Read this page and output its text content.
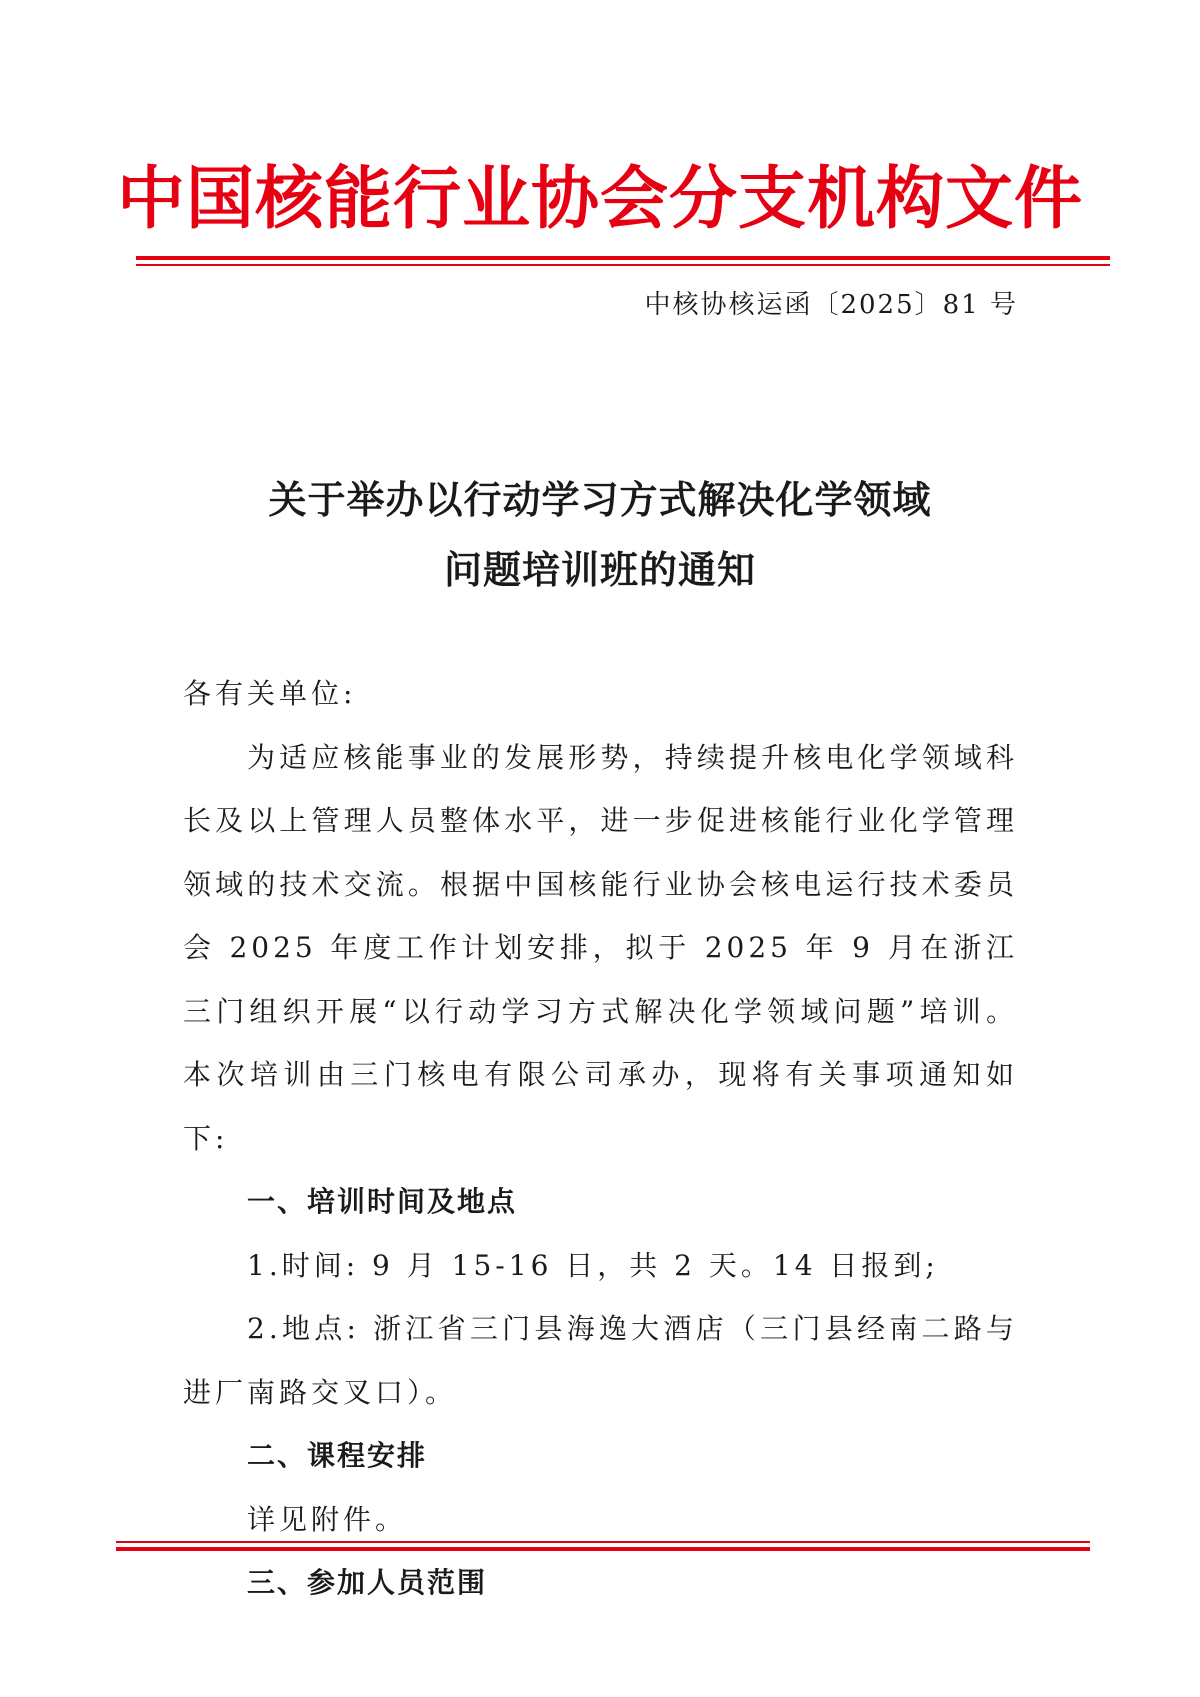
中国核能行业协会分支机构文件
中核协核运函〔2025〕81 号
关于举办以行动学习方式解决化学领域
问题培训班的通知

各有关单位:

为适应核能事业的发展形势，持续提升核电化学领域科长及以上管理人员整体水平，进一步促进核能行业化学管理领域的技术交流。根据中国核能行业协会核电运行技术委员会 2025 年度工作计划安排，拟于 2025 年 9 月在浙江三门组织开展“以行动学习方式解决化学领域问题”培训。本次培训由三门核电有限公司承办，现将有关事项通知如下:

一、培训时间及地点

1.时间: 9 月 15-16 日，共 2 天。14 日报到;

2.地点: 浙江省三门县海逸大酒店（三门县经南二路与进厂南路交叉口）。

二、课程安排

详见附件。

三、参加人员范围
